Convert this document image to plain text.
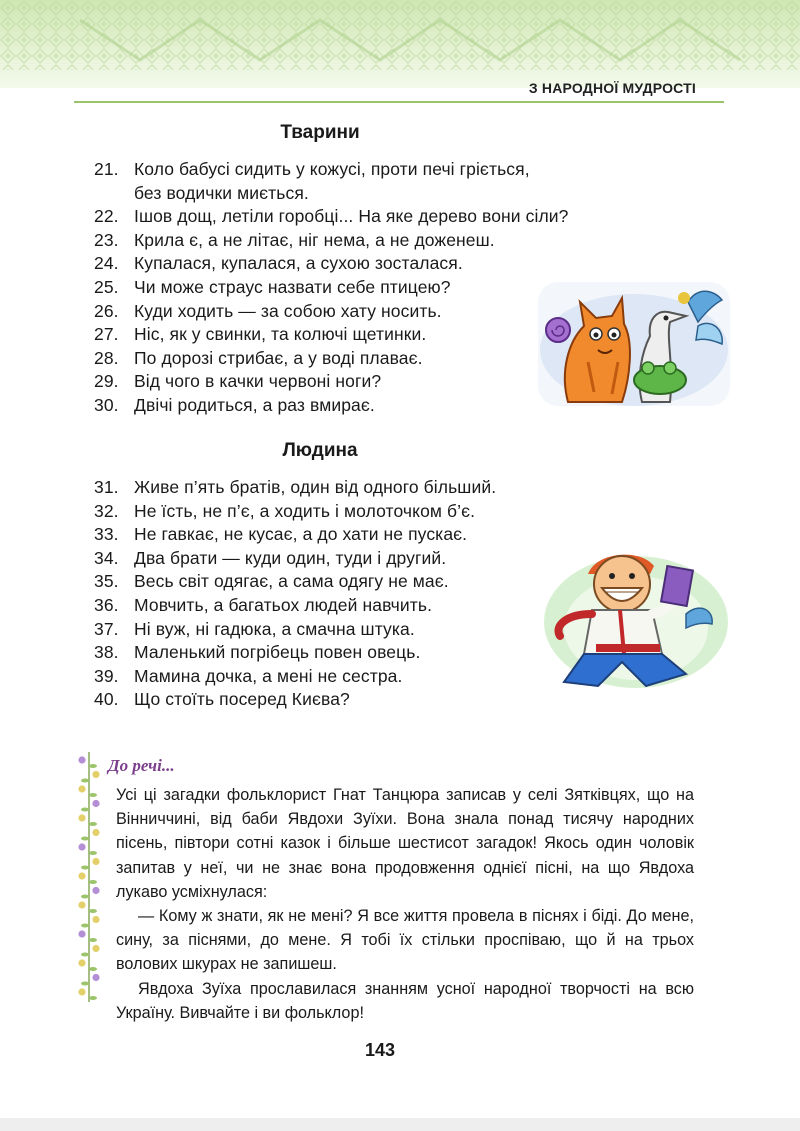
З НАРОДНОЇ МУДРОСТІ
Тварини
21. Коло бабусі сидить у кожусі, проти печі гріється,
без водички миється.
22. Ішов дощ, летіли горобці... На яке дерево вони сіли?
23. Крила є, а не літає, ніг нема, а не доженеш.
24. Купалася, купалася, а сухою зосталася.
25. Чи може страус назвати себе птицею?
26. Куди ходить — за собою хату носить.
27. Ніс, як у свинки, та колючі щетинки.
28. По дорозі стрибає, а у воді плаває.
29. Від чого в качки червоні ноги?
30. Двічі родиться, а раз вмирає.
Людина
31. Живе п’ять братів, один від одного більший.
32. Не їсть, не п’є, а ходить і молоточком б’є.
33. Не гавкає, не кусає, а до хати не пускає.
34. Два брати — куди один, туди і другий.
35. Весь світ одягає, а сама одягу не має.
36. Мовчить, а багатьох людей навчить.
37. Ні вуж, ні гадюка, а смачна штука.
38. Маленький погрібець повен овець.
39. Мамина дочка, а мені не сестра.
40. Що стоїть посеред Києва?
До речі...

Усі ці загадки фольклорист Гнат Танцюра записав у селі Зятківцях, що на Вінниччині, від баби Явдохи Зуїхи. Вона знала понад тисячу народних пісень, півтори сотні казок і більше шестисот загадок! Якось один чоловік запитав у неї, чи не знає вона продовження однієї пісні, на що Явдоха лукаво усміхнулася:

— Кому ж знати, як не мені? Я все життя провела в піснях і біді. До мене, сину, за піснями, до мене. Я тобі їх стільки проспіваю, що й на трьох волових шкурах не запишеш.

Явдоха Зуїха прославилася знанням усної народної творчості на всю Україну. Вивчайте і ви фольклор!

143
